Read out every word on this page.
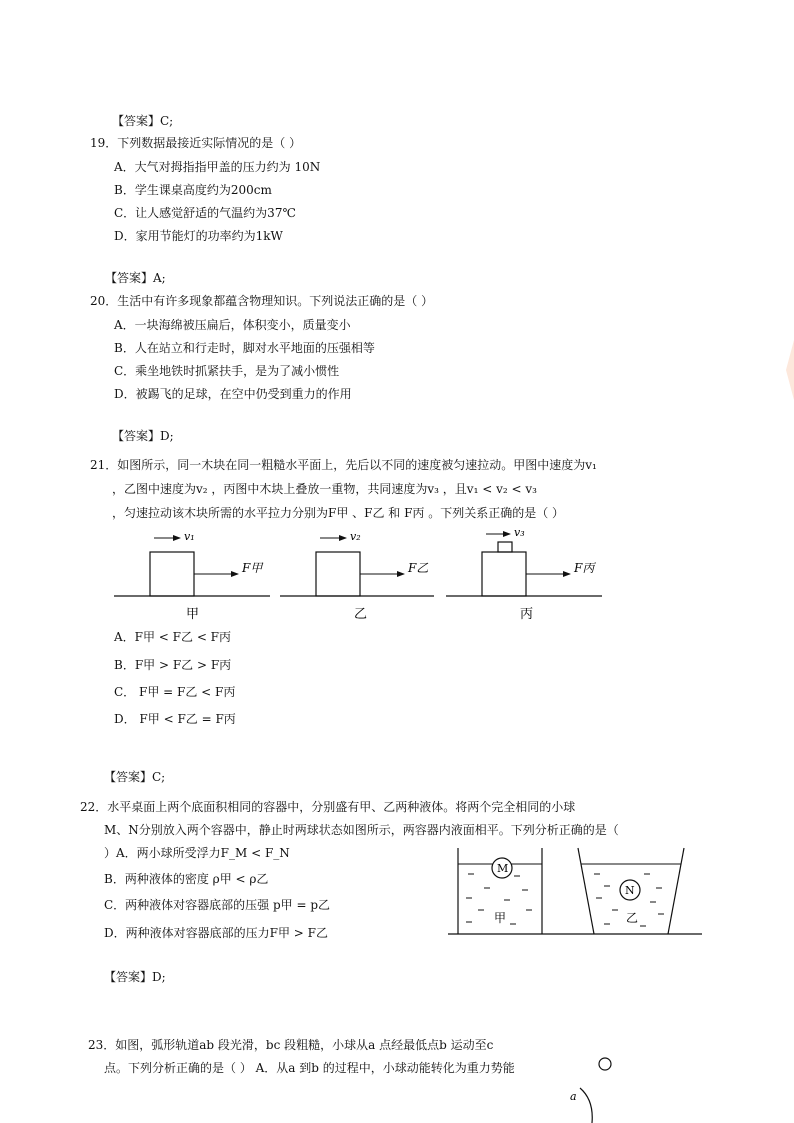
【答案】C;
19．下列数据最接近实际情况的是（ ）
A．大气对拇指指甲盖的压力约为 10N
B．学生课桌高度约为200cm
C．让人感觉舒适的气温约为37℃
D．家用节能灯的功率约为1kW
【答案】A;
20．生活中有许多现象都蕴含物理知识。下列说法正确的是（ ）
A．一块海绵被压扁后，体积变小，质量变小
B．人在站立和行走时，脚对水平地面的压强相等
C．乘坐地铁时抓紧扶手，是为了减小惯性
D．被踢飞的足球，在空中仍受到重力的作用
【答案】D;
21．如图所示，同一木块在同一粗糙水平面上，先后以不同的速度被匀速拉动。甲图中速度为v₁
，乙图中速度为v₂ ，丙图中木块上叠放一重物，共同速度为v₃ ，且v₁ < v₂ < v₃
，匀速拉动该木块所需的水平拉力分别为F甲 、F乙 和 F丙 。下列关系正确的是（ ）
v₁
F甲
甲
v₂
F乙
乙
v₃
F丙
丙
A．F甲 < F乙 < F丙
B．F甲 > F乙 > F丙
C． F甲 = F乙 < F丙
D． F甲 < F乙 = F丙
【答案】C;
22．水平桌面上两个底面积相同的容器中，分别盛有甲、乙两种液体。将两个完全相同的小球
M、N分别放入两个容器中，静止时两球状态如图所示，两容器内液面相平。下列分析正确的是（
）A．两小球所受浮力F_M < F_N
B．两种液体的密度 ρ甲 < ρ乙
C．两种液体对容器底部的压强 p甲 = p乙
D．两种液体对容器底部的压力F甲 > F乙
M
甲
N
乙
【答案】D;
23．如图，弧形轨道ab 段光滑，bc 段粗糙，小球从a 点经最低点b 运动至c
点。下列分析正确的是（ ） A．从a 到b 的过程中，小球动能转化为重力势能
a
